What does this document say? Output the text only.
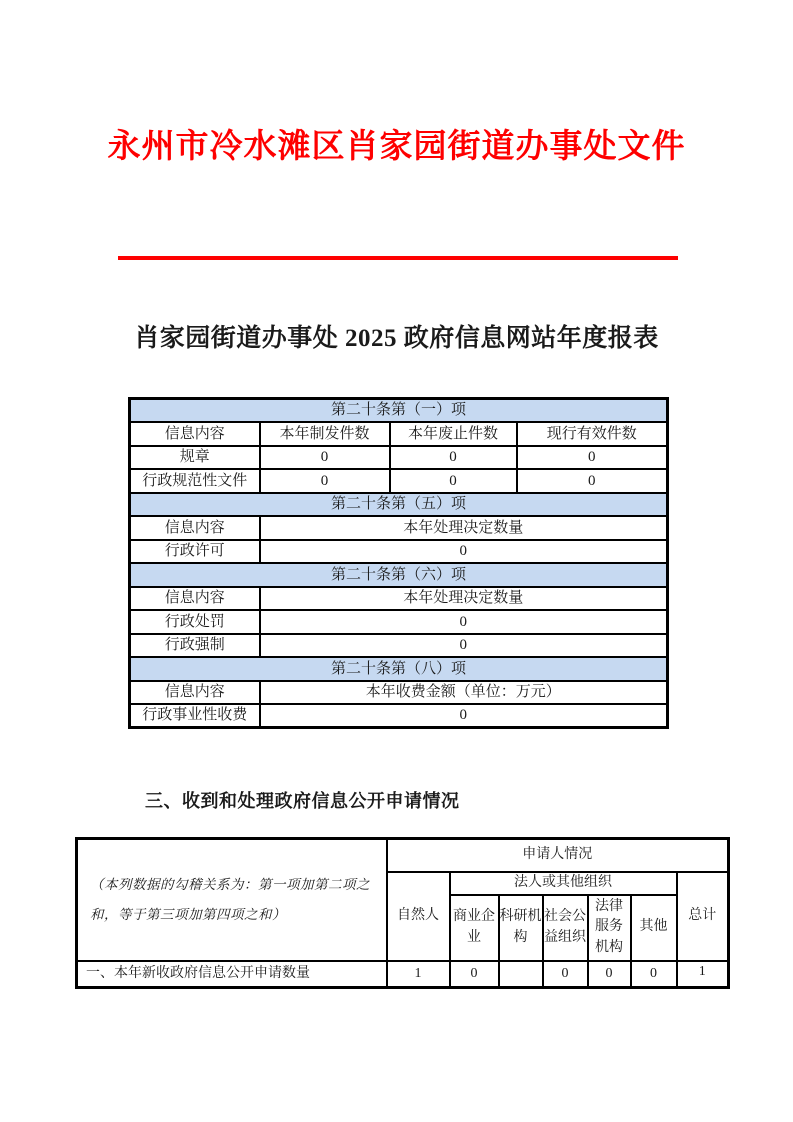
永州市冷水滩区肖家园街道办事处文件
肖家园街道办事处 2025 政府信息网站年度报表
第二十条第（一）项			
信息内容	本年制发件数	本年废止件数	现行有效件数
规章	0	0	0
行政规范性文件	0	0	0
第二十条第（五）项			
信息内容	本年处理决定数量		
行政许可	0		
第二十条第（六）项			
信息内容	本年处理决定数量		
行政处罚	0		
行政强制	0		
第二十条第（八）项			
信息内容	本年收费金额（单位：万元）		
行政事业性收费	0		
三、收到和处理政府信息公开申请情况
（本列数据的勾稽关系为：第一项加第二项之和，等于第三项加第四项之和）	申请人情况						
	自然人	法人或其他组织					总计
		商业企业	科研机构	社会公益组织	法律服务机构	其他	
一、本年新收政府信息公开申请数量	1	0		0	0	0	1
